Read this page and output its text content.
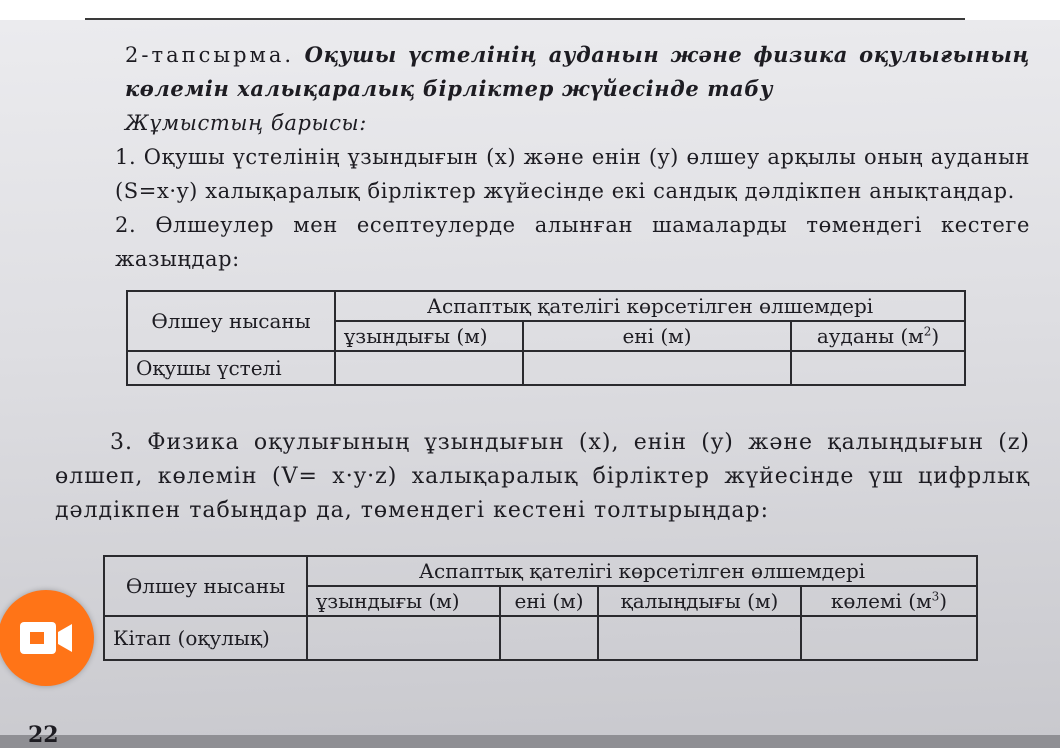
2-тапсырма. Оқушы үстелінің ауданын және физика оқулығының көлемін халықаралық бірліктер жүйесінде табу
Жұмыстың барысы:
1. Оқушы үстелінің ұзындығын (x) және енін (y) өлшеу арқылы оның ауданын (S=x·y) халықаралық бірліктер жүйесінде екі сандық дәлдікпен анықтаңдар.
2. Өлшеулер мен есептеулерде алынған шамаларды төмендегі кестеге жазыңдар:
Өлшеу нысаны	Аспаптық қателігі көрсетілген өлшемдері		
	ұзындығы (м)	ені (м)	ауданы $(м^2)$
Оқушы үстелі			
3. Физика оқулығының ұзындығын (x), енін (y) және қалыңдығын (z) өлшеп, көлемін (V= x·y·z) халықаралық бірліктер жүйесінде үш цифрлық дәлдікпен табыңдар да, төмендегі кестені толтырыңдар:
Өлшеу нысаны	Аспаптық қателігі көрсетілген өлшемдері			
	ұзындығы (м)	ені (м)	қалыңдығы (м)	көлемі $(м^3)$
Кітап (оқулық)				
22
